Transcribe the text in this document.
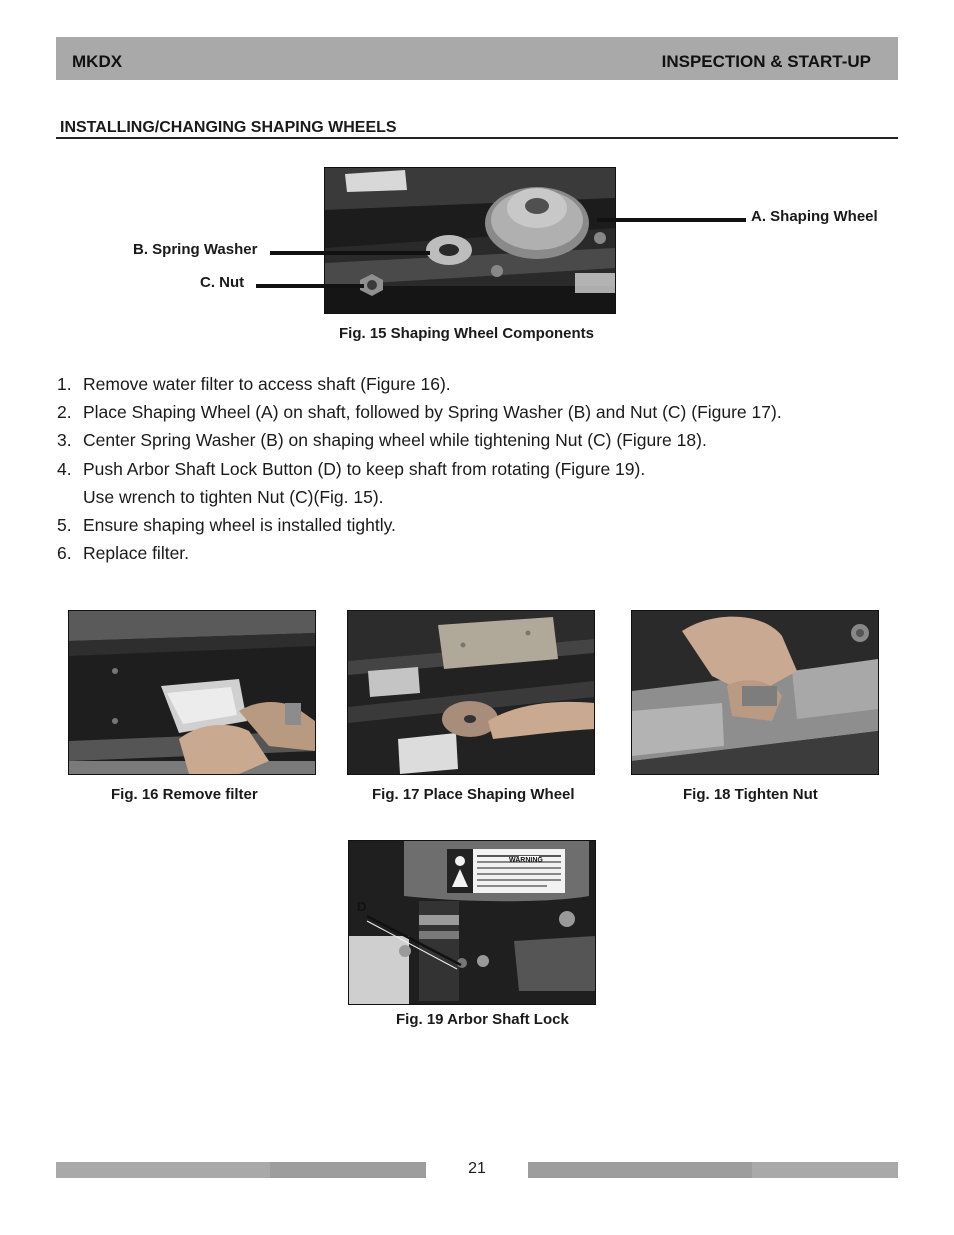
MKDX	INSPECTION & START-UP
INSTALLING/CHANGING SHAPING WHEELS
A. Shaping Wheel
B. Spring Washer
C. Nut
Fig. 15 Shaping Wheel Components
1. Remove water filter to access shaft (Figure 16).
2. Place Shaping Wheel (A) on shaft, followed by Spring Washer (B) and Nut (C) (Figure 17).
3. Center Spring Washer (B) on shaping wheel while tightening Nut (C) (Figure 18).
4. Push Arbor Shaft Lock Button (D) to keep shaft from rotating (Figure 19).
Use wrench to tighten Nut (C)(Fig. 15).
5. Ensure shaping wheel is installed tightly.
6. Replace filter.
Fig. 16 Remove filter	Fig. 17 Place Shaping Wheel	Fig. 18 Tighten Nut
D
WARNING
Fig. 19 Arbor Shaft Lock
21
